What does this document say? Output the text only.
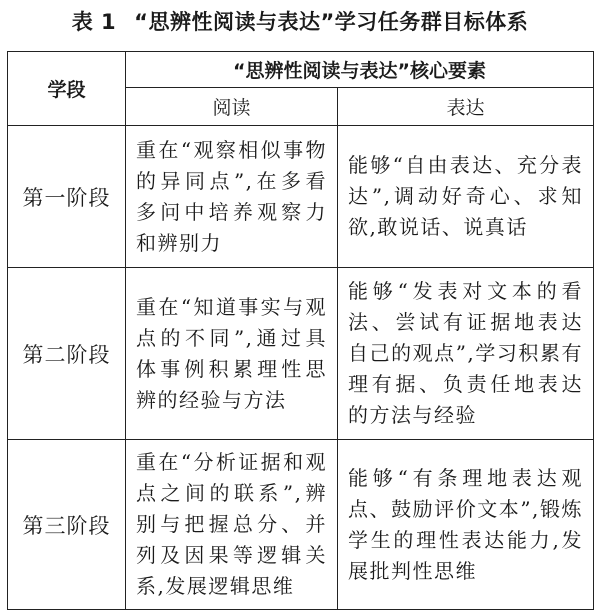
表 1 “思辨性阅读与表达”学习任务群目标体系
学段	“思辨性阅读与表达”核心要素	
	阅读	表达
第一阶段	重在“观察相似事物的异同点”,在多看多问中培养观察力和辨别力	能够“自由表达、充分表达”,调动好奇心、求知欲,敢说话、说真话
第二阶段	重在“知道事实与观点的不同”,通过具体事例积累理性思辨的经验与方法	能够“发表对文本的看法、尝试有证据地表达自己的观点”,学习积累有理有据、负责任地表达的方法与经验
第三阶段	重在“分析证据和观点之间的联系”,辨别与把握总分、并列及因果等逻辑关系,发展逻辑思维	能够“有条理地表达观点、鼓励评价文本”,锻炼学生的理性表达能力,发展批判性思维
